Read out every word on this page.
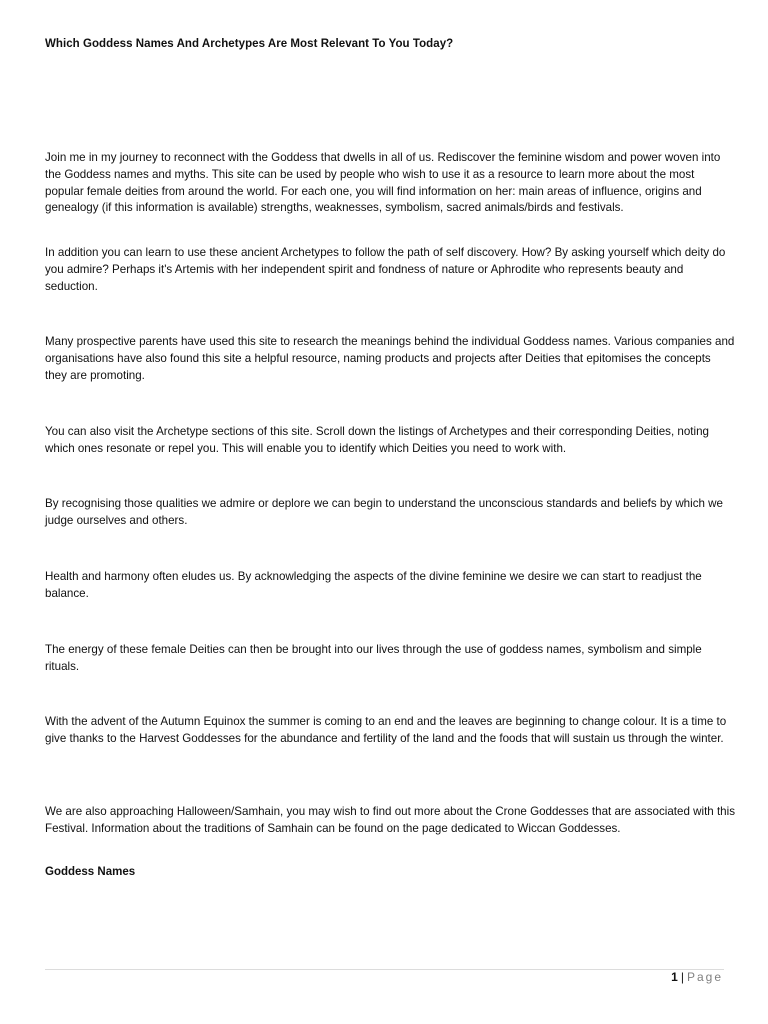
Which Goddess Names And Archetypes Are Most Relevant To You Today?

Join me in my journey to reconnect with the Goddess that dwells in all of us. Rediscover the feminine wisdom and power woven into the Goddess names and myths. This site can be used by people who wish to use it as a resource to learn more about the most popular female deities from around the world. For each one, you will find information on her: main areas of influence, origins and genealogy (if this information is available) strengths, weaknesses, symbolism, sacred animals/birds and festivals.

In addition you can learn to use these ancient Archetypes to follow the path of self discovery. How? By asking yourself which deity do you admire? Perhaps it's Artemis with her independent spirit and fondness of nature or Aphrodite who represents beauty and seduction.

Many prospective parents have used this site to research the meanings behind the individual Goddess names. Various companies and organisations have also found this site a helpful resource, naming products and projects after Deities that epitomises the concepts they are promoting.

You can also visit the Archetype sections of this site. Scroll down the listings of Archetypes and their corresponding Deities, noting which ones resonate or repel you. This will enable you to identify which Deities you need to work with.

By recognising those qualities we admire or deplore we can begin to understand the unconscious standards and beliefs by which we judge ourselves and others.

Health and harmony often eludes us. By acknowledging the aspects of the divine feminine we desire we can start to readjust the balance.

The energy of these female Deities can then be brought into our lives through the use of goddess names, symbolism and simple rituals.

With the advent of the Autumn Equinox the summer is coming to an end and the leaves are beginning to change colour. It is a time to give thanks to the Harvest Goddesses for the abundance and fertility of the land and the foods that will sustain us through the winter.

We are also approaching Halloween/Samhain, you may wish to find out more about the Crone Goddesses that are associated with this Festival. Information about the traditions of Samhain can be found on the page dedicated to Wiccan Goddesses.

Goddess Names
1 | Page
